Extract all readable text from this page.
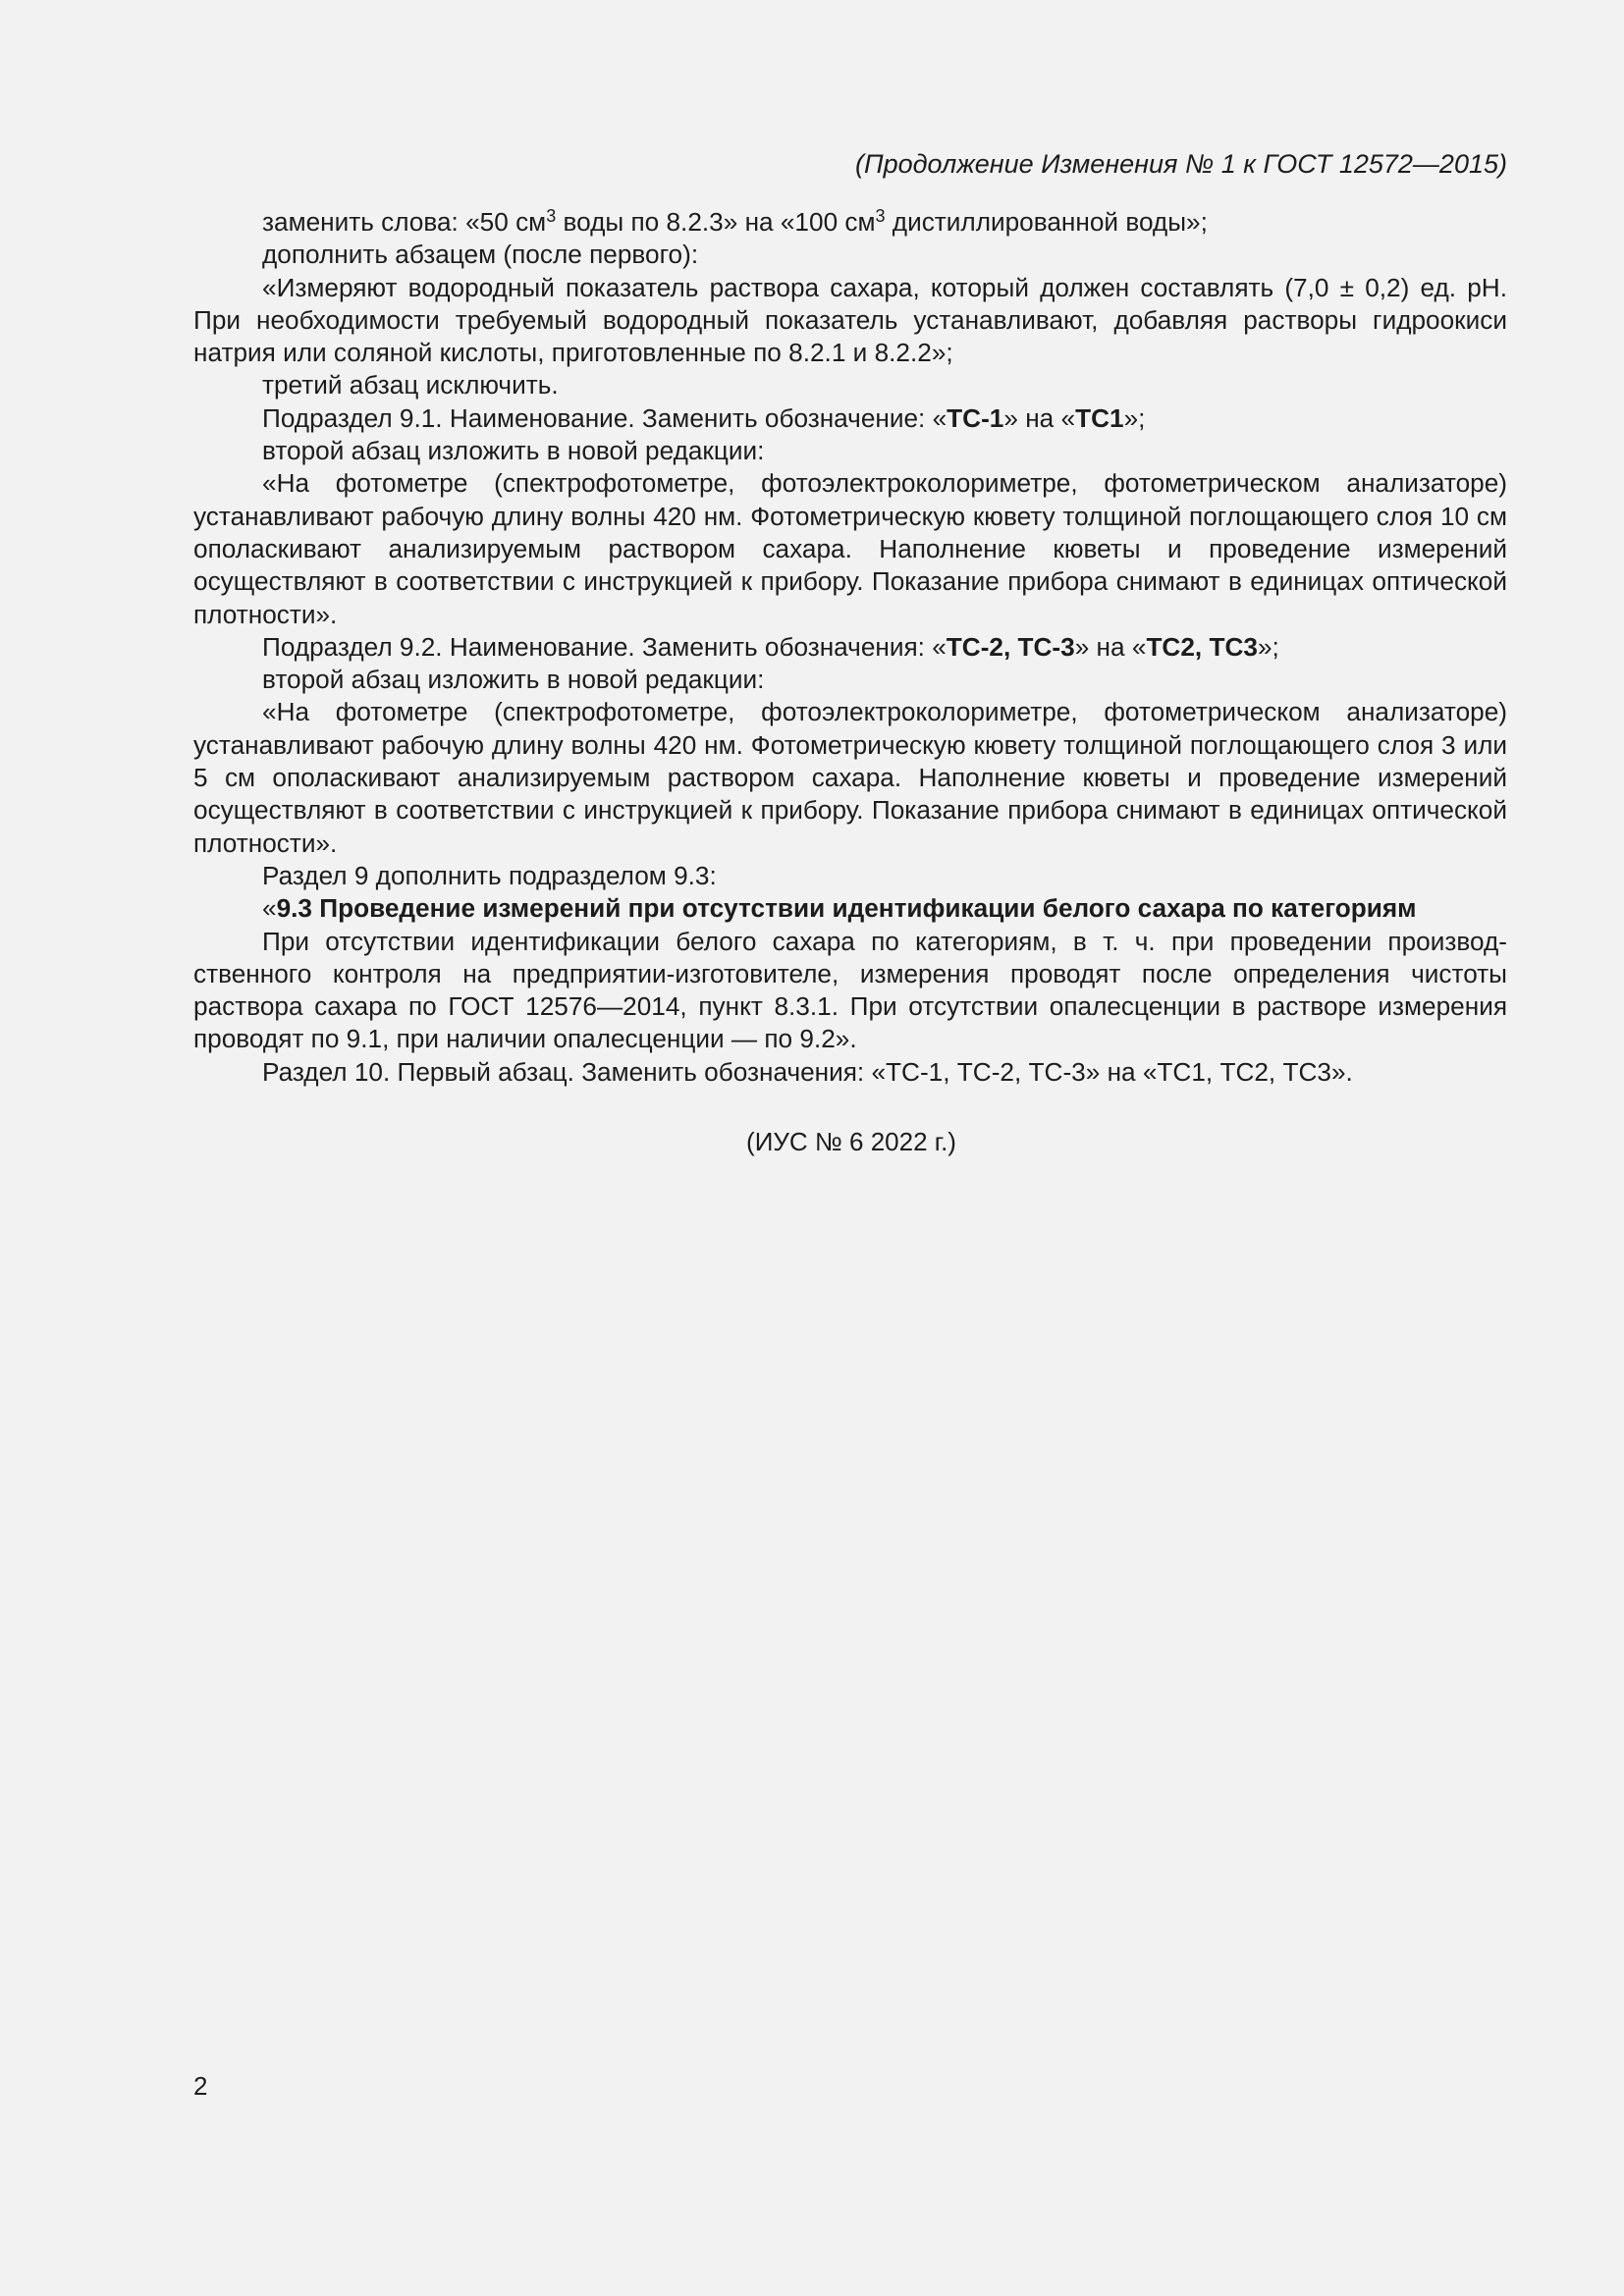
(Продолжение Изменения № 1 к ГОСТ 12572—2015)

заменить слова: «50 $см^3$ воды по 8.2.3» на «100 $см^3$ дистиллированной воды»;

дополнить абзацем (после первого):

«Измеряют водородный показатель раствора сахара, который должен составлять (7,0 ± 0,2) ед. рН. При необходимости требуемый водородный показатель устанавливают, добавляя растворы гидроокиси натрия или соляной кислоты, приготовленные по 8.2.1 и 8.2.2»;

третий абзац исключить.

Подраздел 9.1. Наименование. Заменить обозначение: «ТС-1» на «ТС1»;

второй абзац изложить в новой редакции:

«На фотометре (спектрофотометре, фотоэлектроколориметре, фотометрическом анализаторе) устанавливают рабочую длину волны 420 нм. Фотометрическую кювету толщиной поглощающего слоя 10 см ополаскивают анализируемым раствором сахара. Наполнение кюветы и проведение измерений осуществляют в соответствии с инструкцией к прибору. Показание прибора снимают в единицах оптической плотности».

Подраздел 9.2. Наименование. Заменить обозначения: «ТС-2, ТС-3» на «ТС2, ТС3»;

второй абзац изложить в новой редакции:

«На фотометре (спектрофотометре, фотоэлектроколориметре, фотометрическом анализаторе) устанавливают рабочую длину волны 420 нм. Фотометрическую кювету толщиной поглощающего слоя 3 или 5 см ополаскивают анализируемым раствором сахара. Наполнение кюветы и проведение измерений осуществляют в соответствии с инструкцией к прибору. Показание прибора снимают в единицах оптической плотности».

Раздел 9 дополнить подразделом 9.3:

«9.3 Проведение измерений при отсутствии идентификации белого сахара по категориям

При отсутствии идентификации белого сахара по категориям, в т. ч. при проведении производственного контроля на предприятии-изготовителе, измерения проводят после определения чистоты раствора сахара по ГОСТ 12576—2014, пункт 8.3.1. При отсутствии опалесценции в растворе измерения проводят по 9.1, при наличии опалесценции — по 9.2».

Раздел 10. Первый абзац. Заменить обозначения: «ТС-1, ТС-2, ТС-3» на «ТС1, ТС2, ТС3».

(ИУС № 6 2022 г.)
2
